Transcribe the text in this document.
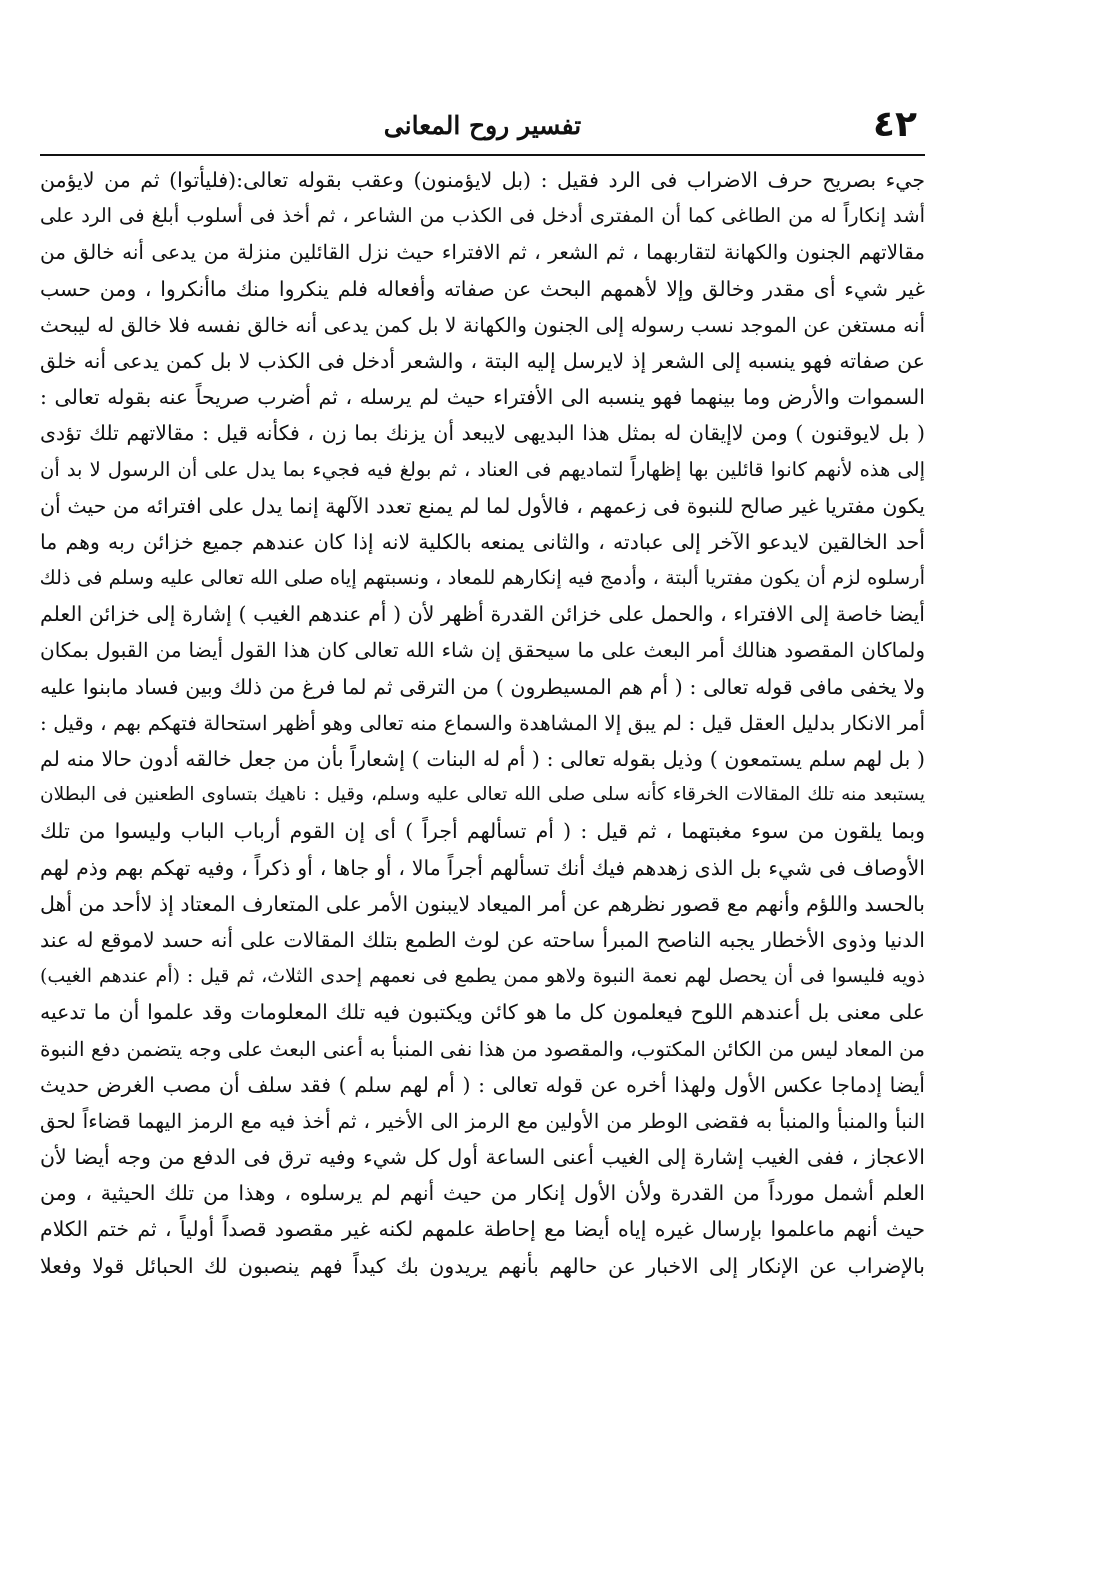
٤٢
تفسير روح المعانى
جيء بصريح حرف الاضراب فى الرد فقيل : (بل لايؤمنون) وعقب بقوله تعالى:(فليأتوا) ثم من لايؤمن
أشد إنكاراً له من الطاغى كما أن المفترى أدخل فى الكذب من الشاعر ، ثم أخذ فى أسلوب أبلغ فى الرد على
مقالاتهم الجنون والكهانة لتقاربهما ، ثم الشعر ، ثم الافتراء حيث نزل القائلين منزلة من يدعى أنه خالق من
غير شيء أى مقدر وخالق وإلا لأهمهم البحث عن صفاته وأفعاله فلم ينكروا منك ماأنكروا ، ومن حسب
أنه مستغن عن الموجد نسب رسوله إلى الجنون والكهانة لا بل كمن يدعى أنه خالق نفسه فلا خالق له ليبحث
عن صفاته فهو ينسبه إلى الشعر إذ لايرسل إليه البتة ، والشعر أدخل فى الكذب لا بل كمن يدعى أنه خلق
السموات والأرض وما بينهما فهو ينسبه الى الأفتراء حيث لم يرسله ، ثم أضرب صريحاً عنه بقوله تعالى :
( بل لايوقنون ) ومن لاإيقان له بمثل هذا البديهى لايبعد أن يزنك بما زن ، فكأنه قيل : مقالاتهم تلك تؤدى
إلى هذه لأنهم كانوا قائلين بها إظهاراً لتماديهم فى العناد ، ثم بولغ فيه فجيء بما يدل على أن الرسول لا بد أن
يكون مفتريا غير صالح للنبوة فى زعمهم ، فالأول لما لم يمنع تعدد الآلهة إنما يدل على افترائه من حيث أن
أحد الخالقين لايدعو الآخر إلى عبادته ، والثانى يمنعه بالكلية لانه إذا كان عندهم جميع خزائن ربه وهم ما
أرسلوه لزم أن يكون مفتريا ألبتة ، وأدمج فيه إنكارهم للمعاد ، ونسبتهم إياه صلى الله تعالى عليه وسلم فى ذلك
أيضا خاصة إلى الافتراء ، والحمل على خزائن القدرة أظهر لأن ( أم عندهم الغيب ) إشارة إلى خزائن العلم
ولماكان المقصود هنالك أمر البعث على ما سيحقق إن شاء الله تعالى كان هذا القول أيضا من القبول بمكان
ولا يخفى مافى قوله تعالى : ( أم هم المسيطرون ) من الترقى ثم لما فرغ من ذلك وبين فساد مابنوا عليه
أمر الانكار بدليل العقل قيل : لم يبق إلا المشاهدة والسماع منه تعالى وهو أظهر استحالة فتهكم بهم ، وقيل :
( بل لهم سلم يستمعون ) وذيل بقوله تعالى : ( أم له البنات ) إشعاراً بأن من جعل خالقه أدون حالا منه لم
يستبعد منه تلك المقالات الخرقاء كأنه سلى صلى الله تعالى عليه وسلم، وقيل : ناهيك بتساوى الطعنين فى البطلان
وبما يلقون من سوء مغبتهما ، ثم قيل : ( أم تسألهم أجراً ) أى إن القوم أرباب الباب وليسوا من تلك
الأوصاف فى شيء بل الذى زهدهم فيك أنك تسألهم أجراً مالا ، أو جاها ، أو ذكراً ، وفيه تهكم بهم وذم لهم
بالحسد واللؤم وأنهم مع قصور نظرهم عن أمر الميعاد لايبنون الأمر على المتعارف المعتاد إذ لاأحد من أهل
الدنيا وذوى الأخطار يجبه الناصح المبرأ ساحته عن لوث الطمع بتلك المقالات على أنه حسد لاموقع له عند
ذويه فليسوا فى أن يحصل لهم نعمة النبوة ولاهو ممن يطمع فى نعمهم إحدى الثلاث، ثم قيل : (أم عندهم الغيب)
على معنى بل أعندهم اللوح فيعلمون كل ما هو كائن ويكتبون فيه تلك المعلومات وقد علموا أن ما تدعيه
من المعاد ليس من الكائن المكتوب، والمقصود من هذا نفى المنبأ به أعنى البعث على وجه يتضمن دفع النبوة
أيضا إدماجا عكس الأول ولهذا أخره عن قوله تعالى : ( أم لهم سلم ) فقد سلف أن مصب الغرض حديث
النبأ والمنبأ والمنبأ به فقضى الوطر من الأولين مع الرمز الى الأخير ، ثم أخذ فيه مع الرمز اليهما قضاءاً لحق
الاعجاز ، ففى الغيب إشارة إلى الغيب أعنى الساعة أول كل شيء وفيه ترق فى الدفع من وجه أيضا لأن
العلم أشمل مورداً من القدرة ولأن الأول إنكار من حيث أنهم لم يرسلوه ، وهذا من تلك الحيثية ، ومن
حيث أنهم ماعلموا بإرسال غيره إياه أيضا مع إحاطة علمهم لكنه غير مقصود قصداً أولياً ، ثم ختم الكلام
بالإضراب عن الإنكار إلى الاخبار عن حالهم بأنهم يريدون بك كيداً فهم ينصبون لك الحبائل قولا وفعلا
